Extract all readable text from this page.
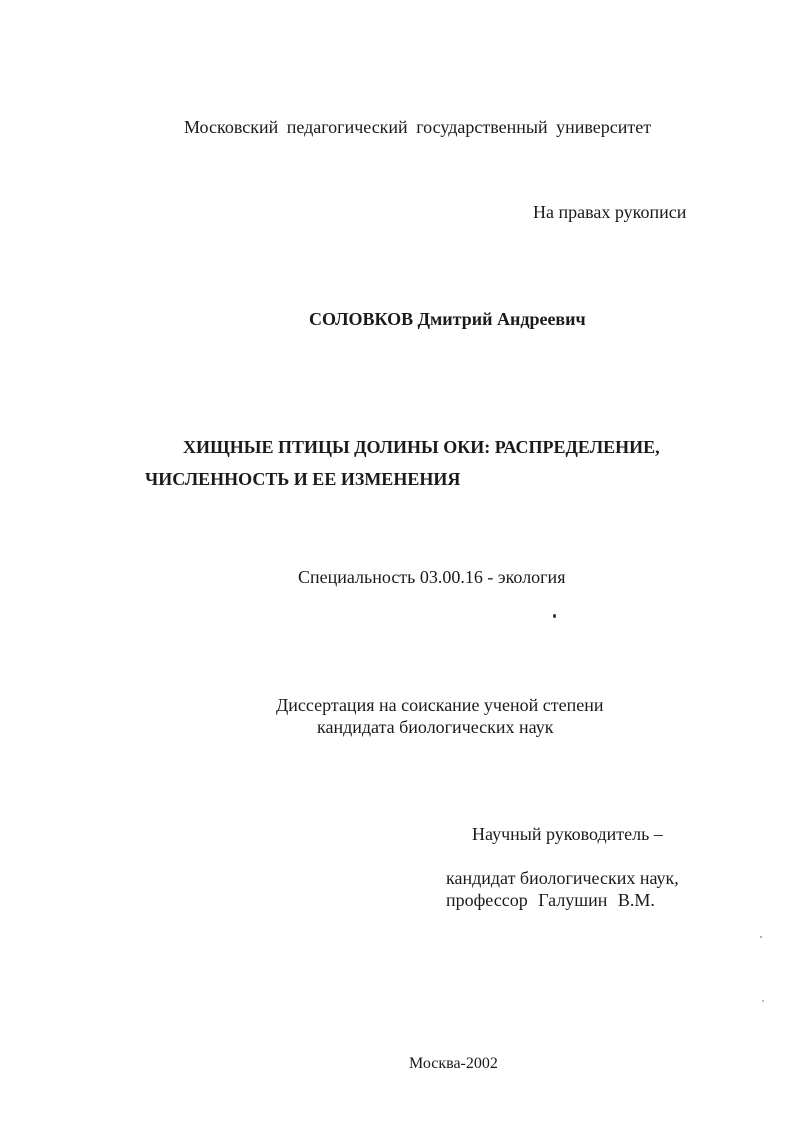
Московский педагогический государственный университет
На правах рукописи
СОЛОВКОВ Дмитрий Андреевич
ХИЩНЫЕ ПТИЦЫ ДОЛИНЫ ОКИ: РАСПРЕДЕЛЕНИЕ,
ЧИСЛЕННОСТЬ И ЕЕ ИЗМЕНЕНИЯ
Специальность 03.00.16 - экология
Диссертация на соискание ученой степени
кандидата биологических наук
Научный руководитель –
кандидат биологических наук,
профессор Галушин В.М.
Москва-2002
